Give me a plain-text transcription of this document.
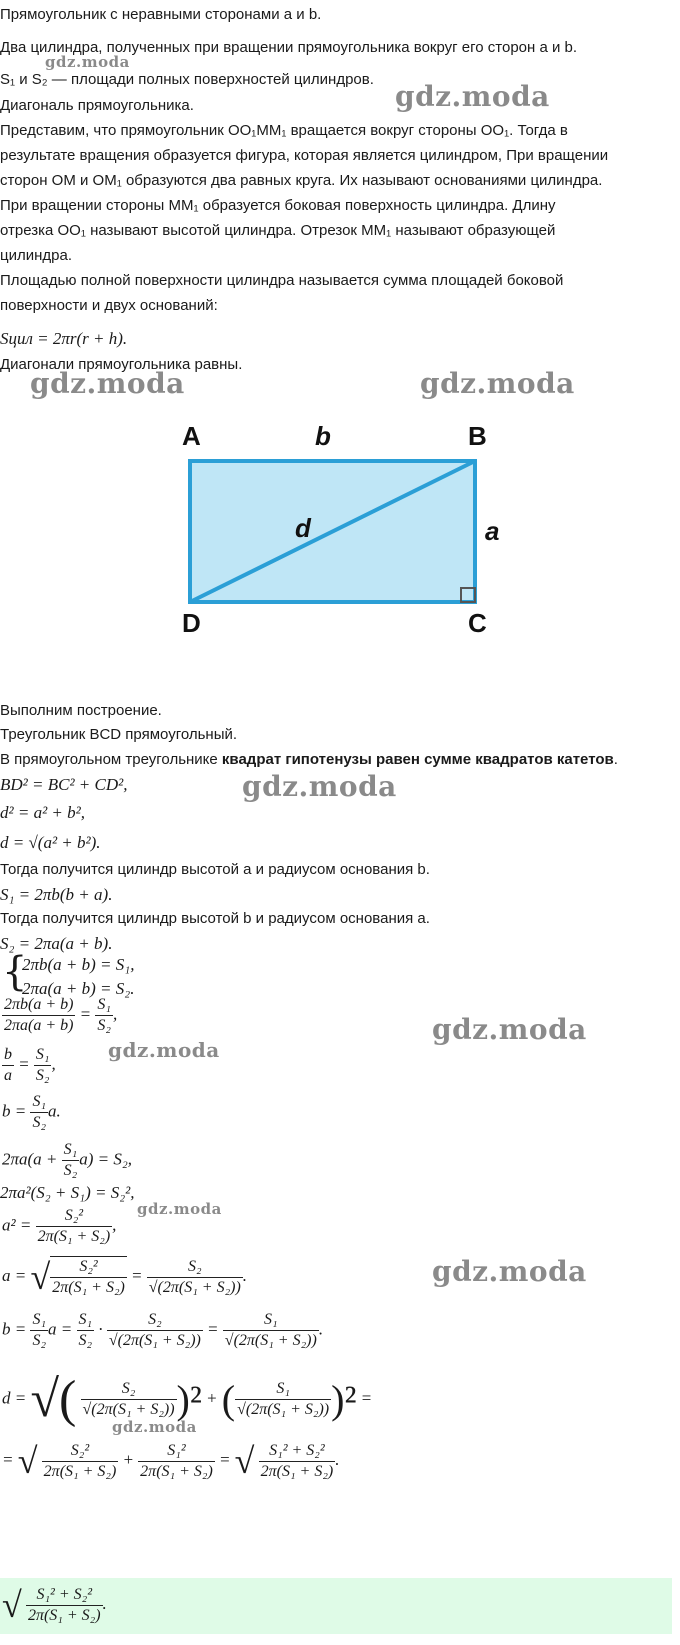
Прямоугольник с неравными сторонами a и b.
Два цилиндра, полученных при вращении прямоугольника вокруг его сторон a и b.
S₁ и S₂ — площади полных поверхностей цилиндров.
Диагональ прямоугольника.
Представим, что прямоугольник OO₁MM₁ вращается вокруг стороны OO₁. Тогда в
результате вращения образуется фигура, которая является цилиндром, При вращении
сторон OM и OM₁ образуются два равных круга. Их называют основаниями цилиндра.
При вращении стороны MM₁ образуется боковая поверхность цилиндра. Длину
отрезка OO₁ называют высотой цилиндра. Отрезок MM₁ называют образующей
цилиндра.
Площадью полной поверхности цилиндра называется сумма площадей боковой
поверхности и двух оснований:
Sцил = 2πr(r + h).
Диагонали прямоугольника равны.
A	B
C
D
b
a
d
Выполним построение.
Треугольник BCD прямоугольный.
В прямоугольном треугольнике квадрат гипотенузы равен сумме квадратов катетов.
BD² = BC² + CD²,
d² = a² + b²,
d = √(a² + b²).
Тогда получится цилиндр высотой a и радиусом основания b.
S₁ = 2πb(b + a).
Тогда получится цилиндр высотой b и радиусом основания a.
S₂ = 2πa(a + b).
{
2πb(a + b) = S₁,
2πa(a + b) = S₂.
$\frac{2\pi b(a + b)}{2\pi a(a + b)} = \frac{\text{S₁}}{\text{S₂}}$ ,
$\frac{b}{a} = \frac{\text{S₁}}{\text{S₂}}$ ,
$b = \frac{\text{S₁}}{\text{S₂}} a$.
$2\pi a(a + \frac{\text{S₁}}{\text{S₂}} a) = S_2$,
2πa²(S₂ + S₁) = S₂²,
$a^2 = \frac{\text{S₂²}}{\text{2π(S₁ + S₂)}}$ ,
a = √ $\frac{\text{S₂²}}{\text{2π(S₁ + S₂)}} = \frac{\text{S₂}}{\text{√(2π(S₁ + S₂))}}$ .
$b = \frac{\text{S₁}}{\text{S₂}}$ $a = \frac{\text{S₁}}{\text{S₂}} \cdot \frac{\text{S₂}}{\text{√(2π(S₁ + S₂))}} = \frac{\text{S₁}}{\text{√(2π(S₁ + S₂))}}$ .
d = √( $\frac{\text{S₂}}{\text{√(2π(S₁ + S₂))}} )^2$ + ( $\frac{\text{S₁}}{\text{√(2π(S₁ + S₂))}} )^2$ =
= √ $\frac{\text{S₂²}}{\text{2π(S₁ + S₂)}} + \frac{\text{S₁²}}{\text{2π(S₁ + S₂)}}$ = √ $\frac{\text{S₁² + S₂²}}{\text{2π(S₁ + S₂)}}$ .
√ $\frac{\text{S₁² + S₂²}}{\text{2π(S₁ + S₂)}}$ .
gdz.moda
gdz.moda
gdz.moda	gdz.moda
gdz.moda
gdz.moda
gdz.moda
gdz.moda
gdz.moda
gdz.moda
